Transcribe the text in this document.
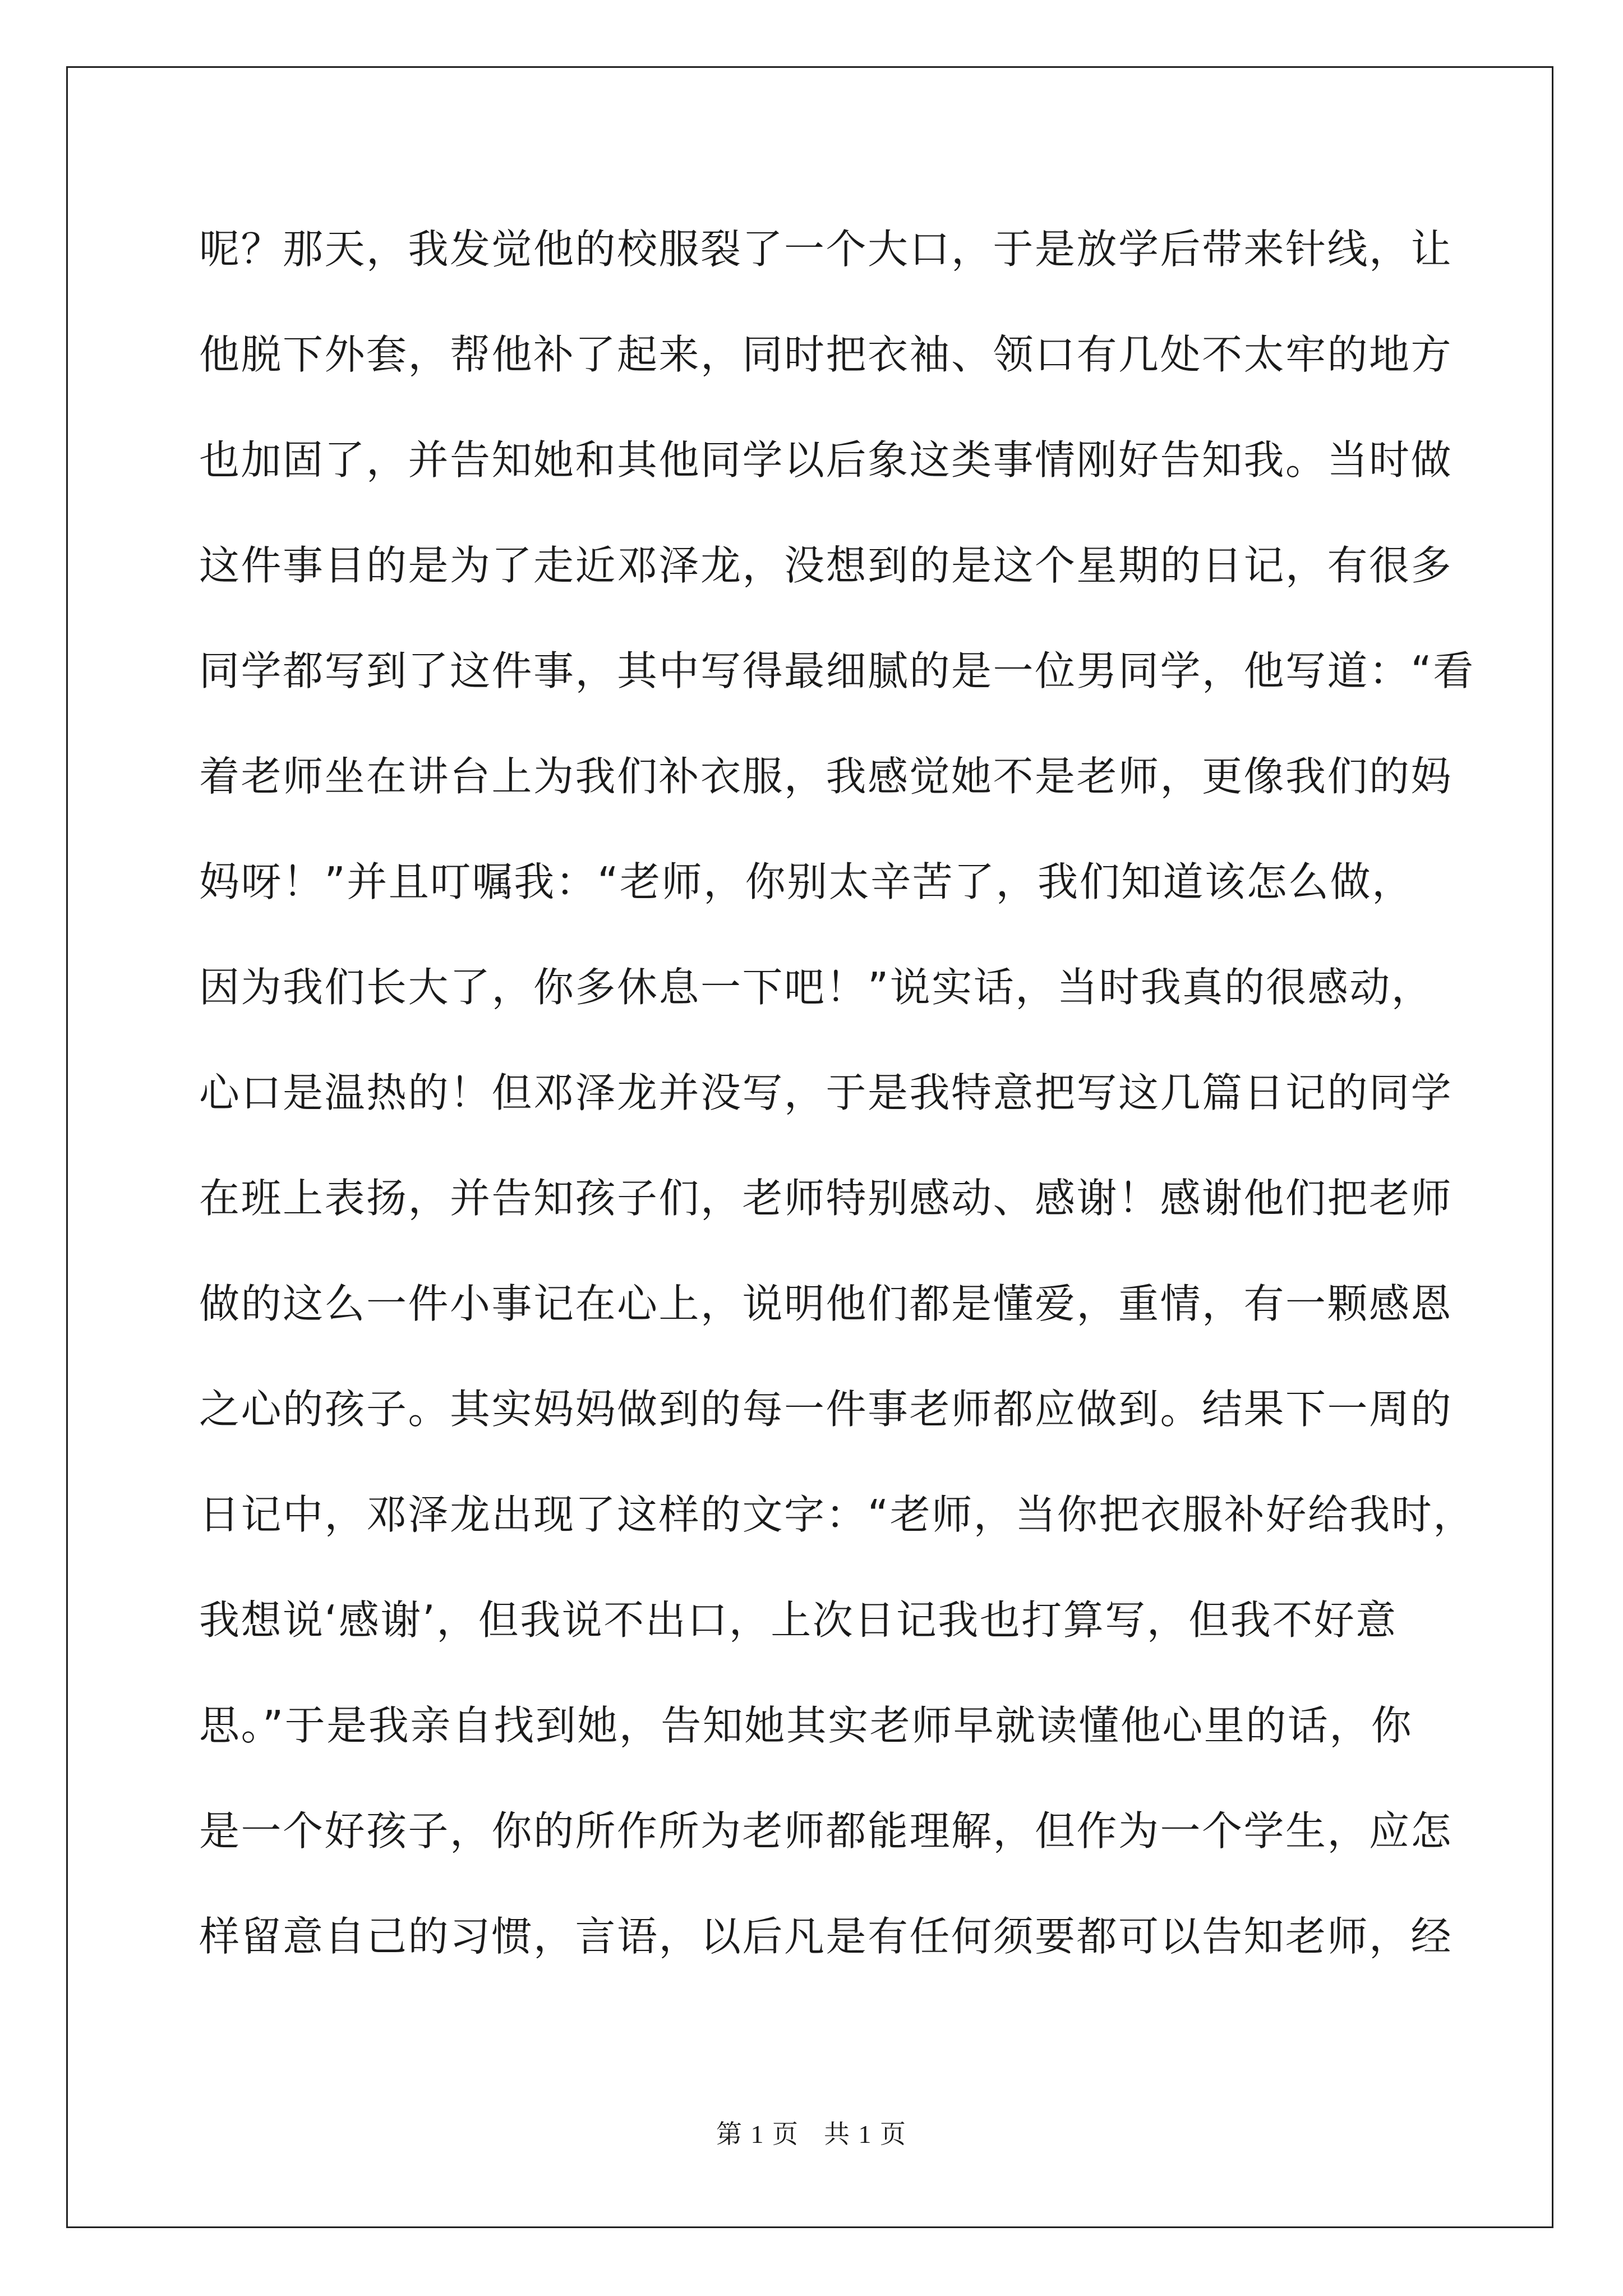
呢？那天，我发觉他的校服裂了一个大口，于是放学后带来针线，让
他脱下外套，帮他补了起来，同时把衣袖、领口有几处不太牢的地方
也加固了，并告知她和其他同学以后象这类事情刚好告知我。当时做
这件事目的是为了走近邓泽龙，没想到的是这个星期的日记，有很多
同学都写到了这件事，其中写得最细腻的是一位男同学，他写道：“看
着老师坐在讲台上为我们补衣服，我感觉她不是老师，更像我们的妈
妈呀！”并且叮嘱我：“老师，你别太辛苦了，我们知道该怎么做，
因为我们长大了，你多休息一下吧！”说实话，当时我真的很感动，
心口是温热的！但邓泽龙并没写，于是我特意把写这几篇日记的同学
在班上表扬，并告知孩子们，老师特别感动、感谢！感谢他们把老师
做的这么一件小事记在心上，说明他们都是懂爱，重情，有一颗感恩
之心的孩子。其实妈妈做到的每一件事老师都应做到。结果下一周的
日记中，邓泽龙出现了这样的文字：“老师，当你把衣服补好给我时，
我想说‘感谢’，但我说不出口，上次日记我也打算写，但我不好意
思。”于是我亲自找到她，告知她其实老师早就读懂他心里的话，你
是一个好孩子，你的所作所为老师都能理解，但作为一个学生，应怎
样留意自己的习惯，言语，以后凡是有任何须要都可以告知老师，经
第 1 页 共 1 页
